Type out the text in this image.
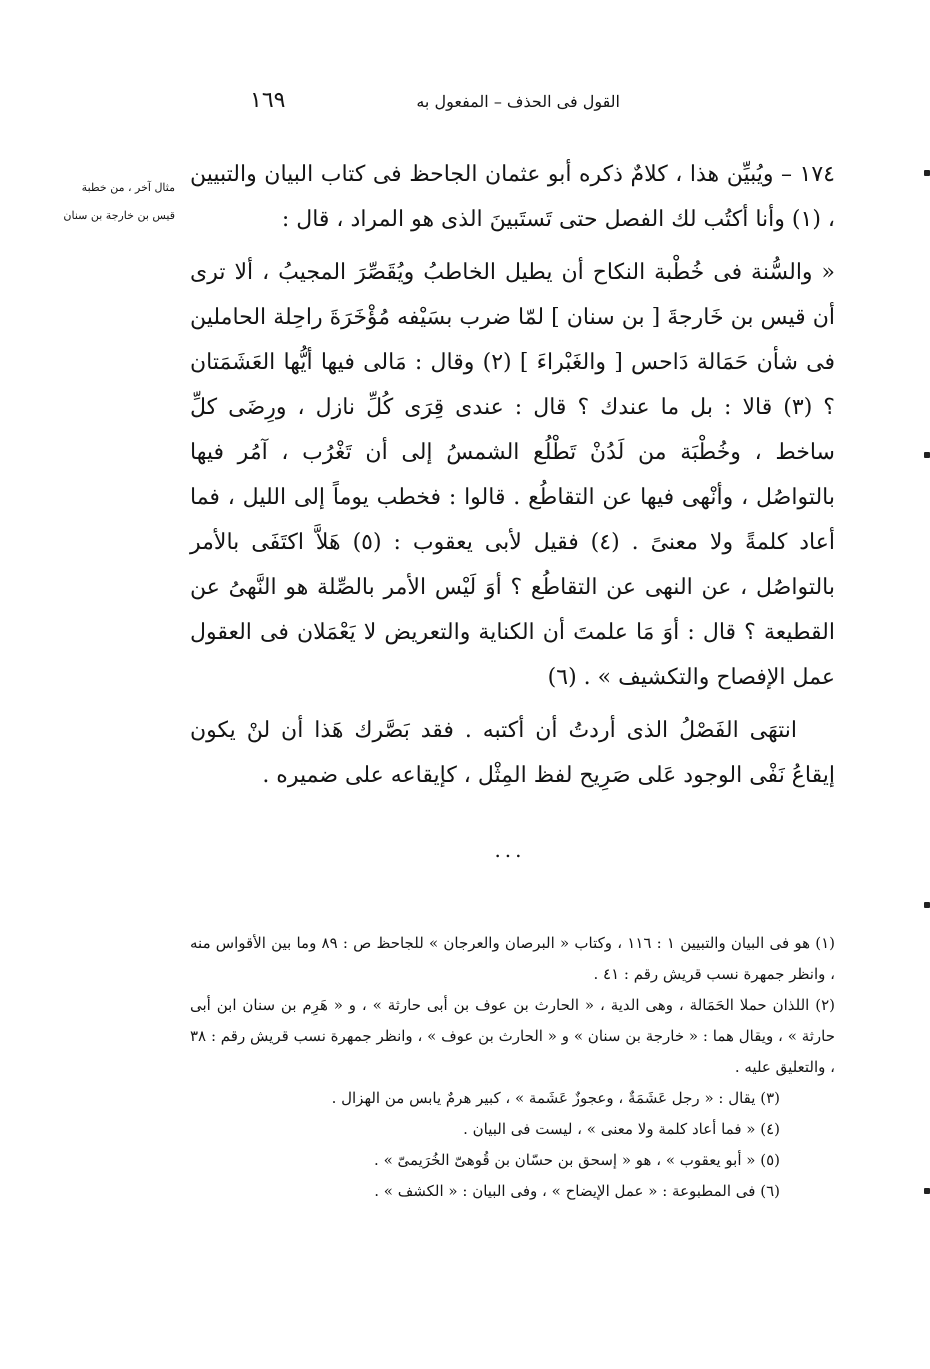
القول فى الحذف – المفعول به
١٦٩
مثال آخر ، من خطبة
قيس بن خارجة بن سنان

١٧٤ – ويُبيِّن هذا ، كلامٌ ذكره أبو عثمان الجاحظ فى كتاب البيان والتبيين ، (١) وأنا أكتُب لك الفصل حتى تَستَبينَ الذى هو المراد ، قال :

« والسُّنة فى خُطْبة النكاح أن يطيل الخاطبُ ويُقَصِّرَ المجيبُ ، ألا ترى أن قيس بن خَارجةَ [ بن سنان ] لمّا ضرب بسَيْفه مُؤْخَرَةَ راحِلة الحاملين فى شأن حَمَالة دَاحس [ والغَبْراءَ ] (٢) وقال : مَالى فيها أيُّها العَشَمَتان ؟ (٣) قالا : بل ما عندك ؟ قال : عندى قِرَى كُلِّ نازل ، ورِضَى كلِّ ساخط ، وخُطْبَة من لَدُنْ تَطْلُع الشمسُ إلى أن تَغْرُب ، آمُر فيها بالتواصُل ، وأنْهى فيها عن التقاطُع . قالوا : فخطب يوماً إلى الليل ، فما أعاد كلمةً ولا معنىً . (٤) فقيل لأبى يعقوب : (٥) هَلاَّ اكتَفَى بالأمر بالتواصُل ، عن النهى عن التقاطُع ؟ أوَ لَيْس الأمر بالصِّلة هو النَّهىُ عن القطيعة ؟ قال : أوَ مَا علمتَ أن الكناية والتعريض لا يَعْمَلان فى العقول عمل الإفصاح والتكشيف » . (٦)

انتهَى الفَصْلُ الذى أردتُ أن أكتبه . فقد بَصَّرك هَذا أن لنْ يكون إيقاعُ نَفْى الوجود عَلى صَرِيح لفظ المِثْل ، كإيقاعه على ضميره .

...

(١) هو فى البيان والتبيين ١ : ١١٦ ، وكتاب « البرصان والعرجان » للجاحظ ص : ٨٩ وما بين الأقواس منه ، وانظر جمهرة نسب قريش رقم : ٤١ .

(٢) اللذان حملا الحَمَالة ، وهى الدية ، « الحارث بن عوف بن أبى حارثة » ، و « هَرِم بن سنان ابن أبى حارثة » ، ويقال هما : « خارجة بن سنان » و « الحارث بن عوف » ، وانظر جمهرة نسب قريش رقم : ٣٨ ، والتعليق عليه .

(٣) يقال : « رجل عَشَمَةٌ ، وعجوزٌ عَشَمة » ، كبير هرمٌ يابس من الهزال .

(٤) « فما أعاد كلمة ولا معنى » ، ليست فى البيان .

(٥) « أبو يعقوب » ، هو « إسحق بن حسّان بن قُوهىّ الخُرَيمىّ » .

(٦) فى المطبوعة : « عمل الإيضاح » ، وفى البيان : « الكشف » .
